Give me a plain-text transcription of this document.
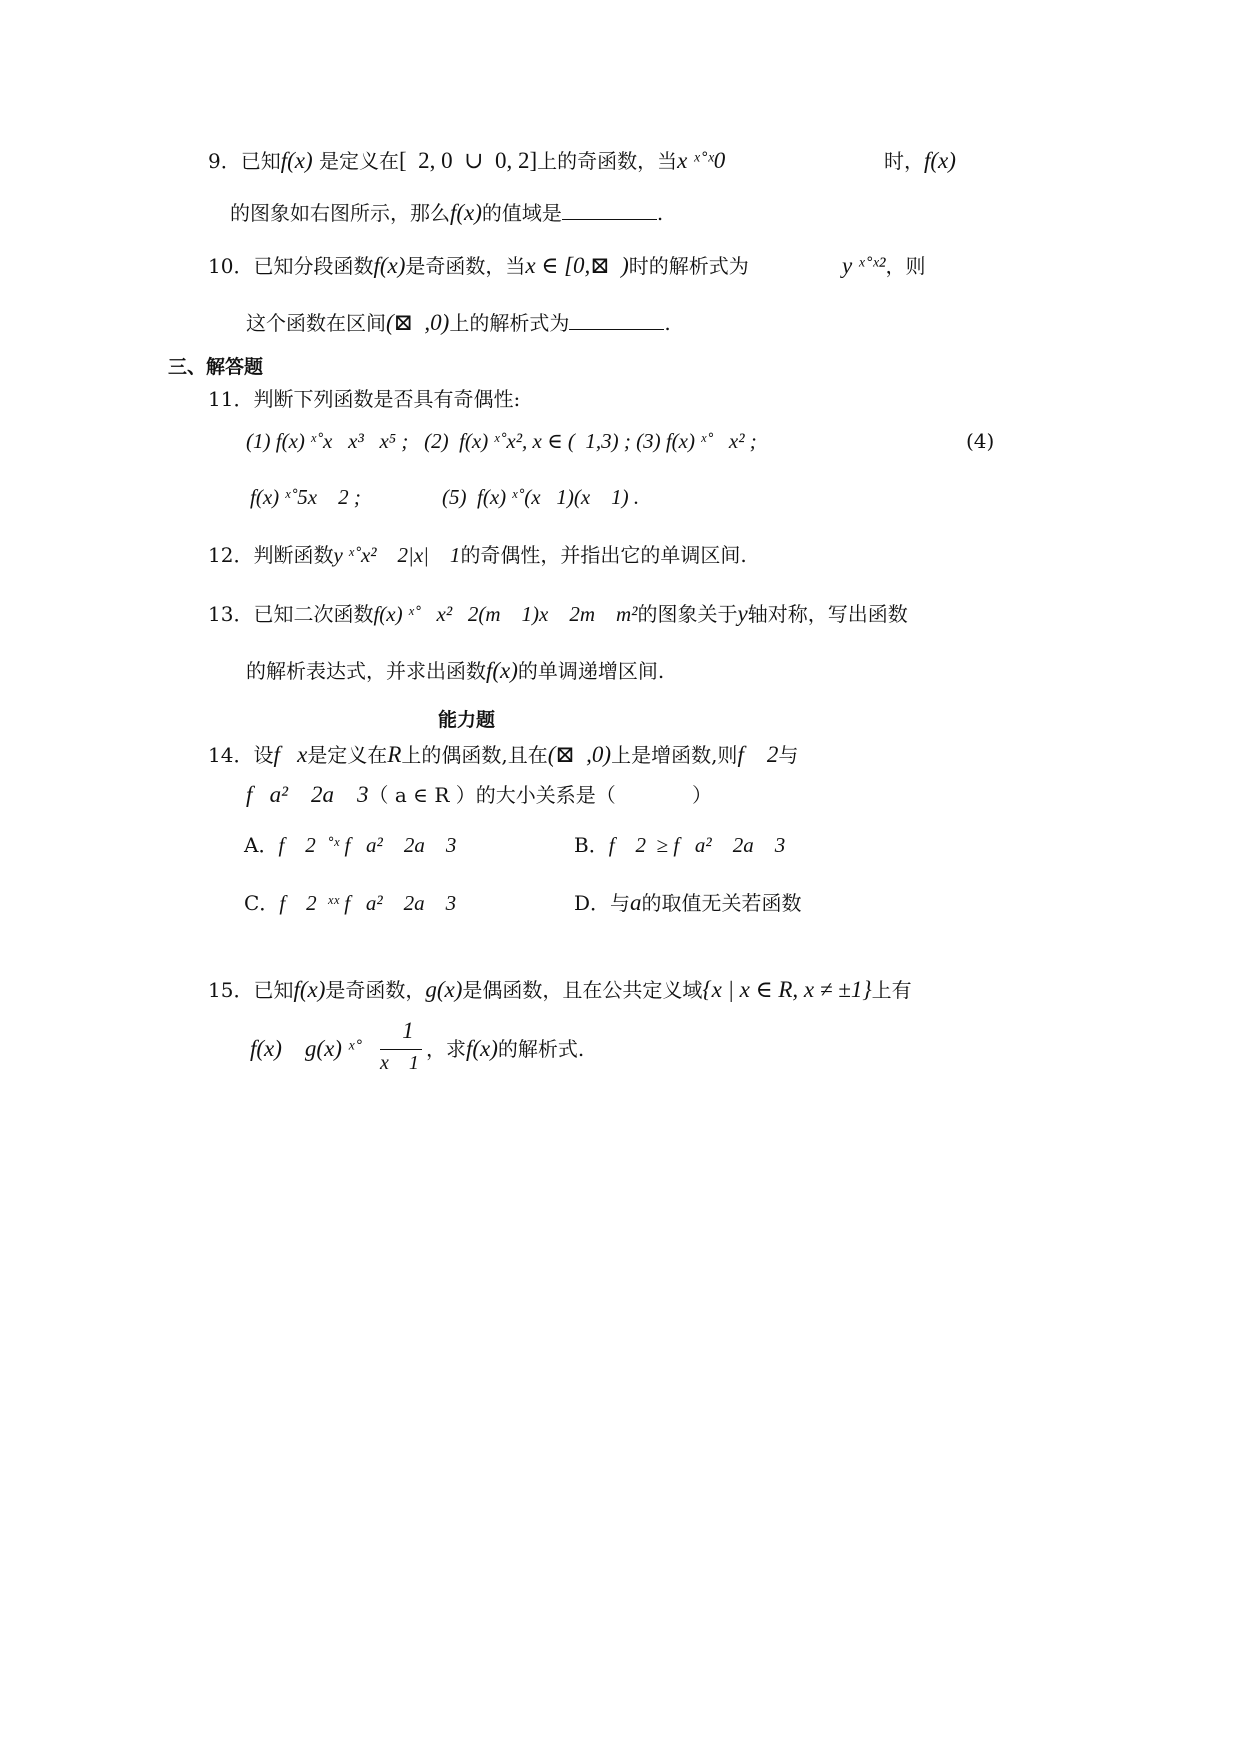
9．已知f(x) 是定义在[  2, 0  ∪  0, 2]上的奇函数，当x ˣ˚ˣ0	时，f(x)
的图象如右图所示，那么f(x)的值域是	.
10．已知分段函数f(x)是奇函数，当x ∈ [0,⊠  )时的解析式为	y ˣ˚ˣ²，则
这个函数在区间(⊠  ,0)上的解析式为	.
三、解答题
11．判断下列函数是否具有奇偶性:
(1) f(x) ˣ˚x   x³   x⁵ ;   (2)  f(x) ˣ˚x², x ∈ (  1,3) ; (3) f(x) ˣ˚   x² ;	(4)
f(x) ˣ˚5x    2 ;	(5)  f(x) ˣ˚(x   1)(x    1) .
12．判断函数y ˣ˚x²    2|x|    1的奇偶性，并指出它的单调区间.
13．已知二次函数f(x) ˣ˚   x²   2(m    1)x    2m    m²的图象关于y轴对称，写出函数
的解析表达式，并求出函数f(x)的单调递增区间.
能力题
14．设f   x是定义在R上的偶函数,且在(⊠  ,0)上是增函数,则f    2与
f   a²    2a    3（ a ∈ R ）的大小关系是（            ）
A．f    2  ˚ˣ f   a²    2a    3	B．f    2  ≥ f   a²    2a    3
C．f    2  ˣˣ f   a²    2a    3	D．与a的取值无关若函数
15．已知f(x)是奇函数，g(x)是偶函数，且在公共定义域{x | x ∈ R, x ≠ ±1}上有
f(x)    g(x) ˣ˚
1
x    1
，求f(x)的解析式.
